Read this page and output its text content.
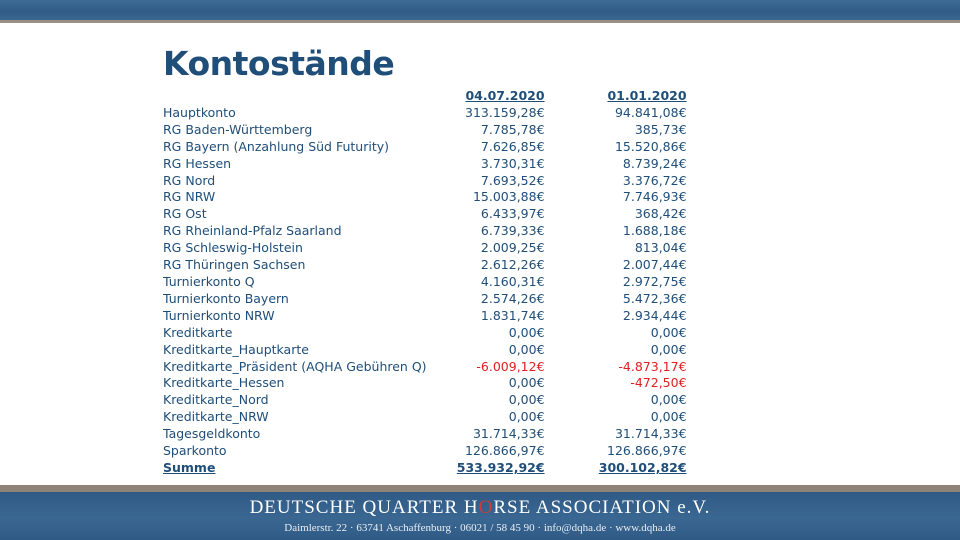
Kontostände
	04.07.2020	01.01.2020
Hauptkonto	313.159,28€	94.841,08€
RG Baden-Württemberg	7.785,78€	385,73€
RG Bayern (Anzahlung Süd Futurity)	7.626,85€	15.520,86€
RG Hessen	3.730,31€	8.739,24€
RG Nord	7.693,52€	3.376,72€
RG NRW	15.003,88€	7.746,93€
RG Ost	6.433,97€	368,42€
RG Rheinland-Pfalz Saarland	6.739,33€	1.688,18€
RG Schleswig-Holstein	2.009,25€	813,04€
RG Thüringen Sachsen	2.612,26€	2.007,44€
Turnierkonto Q	4.160,31€	2.972,75€
Turnierkonto Bayern	2.574,26€	5.472,36€
Turnierkonto NRW	1.831,74€	2.934,44€
Kreditkarte	0,00€	0,00€
Kreditkarte_Hauptkarte	0,00€	0,00€
Kreditkarte_Präsident (AQHA Gebühren Q)	-6.009,12€	-4.873,17€
Kreditkarte_Hessen	0,00€	-472,50€
Kreditkarte_Nord	0,00€	0,00€
Kreditkarte_NRW	0,00€	0,00€
Tagesgeldkonto	31.714,33€	31.714,33€
Sparkonto	126.866,97€	126.866,97€
Summe	533.932,92€	300.102,82€
DEUTSCHE QUARTER HORSE ASSOCIATION e.V.
Daimlerstr. 22 · 63741 Aschaffenburg · 06021 / 58 45 90 · info@dqha.de · www.dqha.de
